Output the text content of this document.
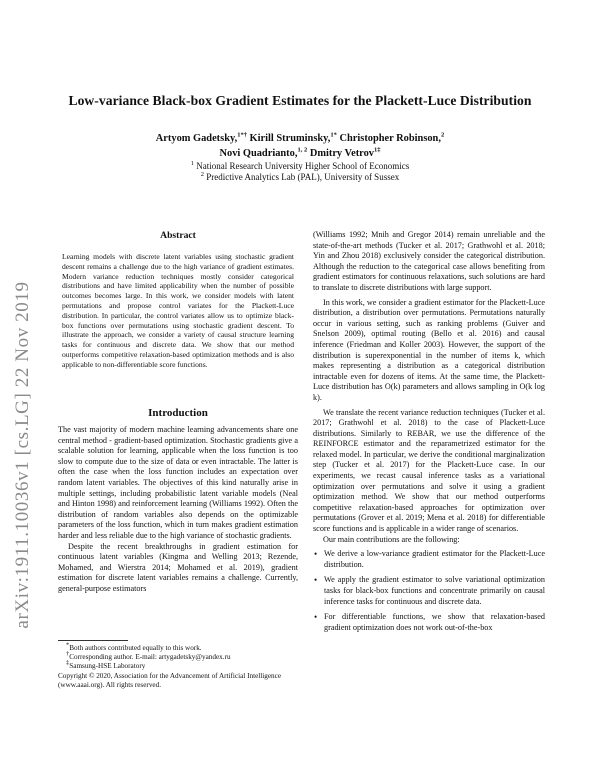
arXiv:1911.10036v1 [cs.LG] 22 Nov 2019
Low-variance Black-box Gradient Estimates for the Plackett-Luce Distribution
Artyom Gadetsky,$^{1*\dagger}$ Kirill Struminsky,$^{1*}$ Christopher Robinson,$^2$
Novi Quadrianto,$^{1, 2}$ Dmitry Vetrov$^{1\ddagger}$
$^1$ National Research University Higher School of Economics
$^2$ Predictive Analytics Lab (PAL), University of Sussex
Abstract
Learning models with discrete latent variables using stochastic gradient descent remains a challenge due to the high variance of gradient estimates. Modern variance reduction techniques mostly consider categorical distributions and have limited applicability when the number of possible outcomes becomes large. In this work, we consider models with latent permutations and propose control variates for the Plackett-Luce distribution. In particular, the control variates allow us to optimize black-box functions over permutations using stochastic gradient descent. To illustrate the approach, we consider a variety of causal structure learning tasks for continuous and discrete data. We show that our method outperforms competitive relaxation-based optimization methods and is also applicable to non-differentiable score functions.
Introduction

The vast majority of modern machine learning advancements share one central method - gradient-based optimization. Stochastic gradients give a scalable solution for learning, applicable when the loss function is too slow to compute due to the size of data or even intractable. The latter is often the case when the loss function includes an expectation over random latent variables. The objectives of this kind naturally arise in multiple settings, including probabilistic latent variable models (Neal and Hinton 1998) and reinforcement learning (Williams 1992). Often the distribution of random variables also depends on the optimizable parameters of the loss function, which in turn makes gradient estimation harder and less reliable due to the high variance of stochastic gradients.

Despite the recent breakthroughs in gradient estimation for continuous latent variables (Kingma and Welling 2013; Rezende, Mohamed, and Wierstra 2014; Mohamed et al. 2019), gradient estimation for discrete latent variables remains a challenge. Currently, general-purpose estimators

*Both authors contributed equally to this work.
†Corresponding author. E-mail: artygadetsky@yandex.ru
‡Samsung-HSE Laboratory
Copyright © 2020, Association for the Advancement of Artificial Intelligence (www.aaai.org). All rights reserved.

(Williams 1992; Mnih and Gregor 2014) remain unreliable and the state-of-the-art methods (Tucker et al. 2017; Grathwohl et al. 2018; Yin and Zhou 2018) exclusively consider the categorical distribution. Although the reduction to the categorical case allows benefiting from gradient estimators for continuous relaxations, such solutions are hard to translate to discrete distributions with large support.

In this work, we consider a gradient estimator for the Plackett-Luce distribution, a distribution over permutations. Permutations naturally occur in various setting, such as ranking problems (Guiver and Snelson 2009), optimal routing (Bello et al. 2016) and causal inference (Friedman and Koller 2003). However, the support of the distribution is superexponential in the number of items k, which makes representing a distribution as a categorical distribution intractable even for dozens of items. At the same time, the Plackett-Luce distribution has O(k) parameters and allows sampling in O(k log k).

We translate the recent variance reduction techniques (Tucker et al. 2017; Grathwohl et al. 2018) to the case of Plackett-Luce distributions. Similarly to REBAR, we use the difference of the REINFORCE estimator and the reparametrized estimator for the relaxed model. In particular, we derive the conditional marginalization step (Tucker et al. 2017) for the Plackett-Luce case. In our experiments, we recast causal inference tasks as a variational optimization over permutations and solve it using a gradient optimization method. We show that our method outperforms competitive relaxation-based approaches for optimization over permutations (Grover et al. 2019; Mena et al. 2018) for differentiable score functions and is applicable in a wider range of scenarios.

Our main contributions are the following:

• We derive a low-variance gradient estimator for the Plackett-Luce distribution.
• We apply the gradient estimator to solve variational optimization tasks for black-box functions and concentrate primarily on causal inference tasks for continuous and discrete data.
• For differentiable functions, we show that relaxation-based gradient optimization does not work out-of-the-box
